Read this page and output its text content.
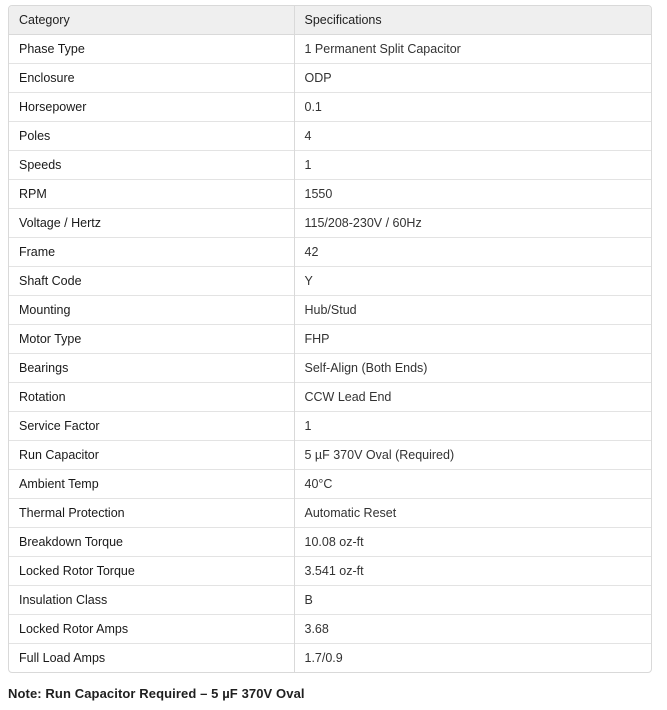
Category	Specifications
Phase Type	1 Permanent Split Capacitor
Enclosure	ODP
Horsepower	0.1
Poles	4
Speeds	1
RPM	1550
Voltage / Hertz	115/208-230V / 60Hz
Frame	42
Shaft Code	Y
Mounting	Hub/Stud
Motor Type	FHP
Bearings	Self-Align (Both Ends)
Rotation	CCW Lead End
Service Factor	1
Run Capacitor	5 µF 370V Oval (Required)
Ambient Temp	40°C
Thermal Protection	Automatic Reset
Breakdown Torque	10.08 oz-ft
Locked Rotor Torque	3.541 oz-ft
Insulation Class	B
Locked Rotor Amps	3.68
Full Load Amps	1.7/0.9
Note: Run Capacitor Required – 5 µF 370V Oval
